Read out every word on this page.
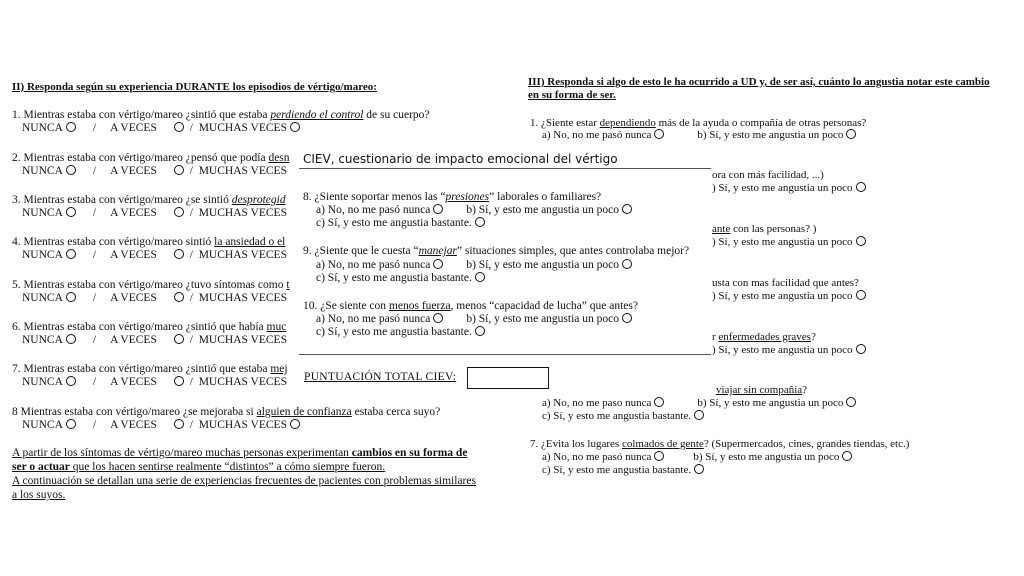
II) Responda según su experiencia DURANTE los episodios de vértigo/mareo:
1. Mientras estaba con vértigo/mareo ¿sintió que estaba perdiendo el control de su cuerpo?
NUNCA	/ A VECES	/ MUCHAS VECES
2. Mientras estaba con vértigo/mareo ¿pensó que podía desn
NUNCA	/ A VECES	/ MUCHAS VECES
3. Mientras estaba con vértigo/mareo ¿se sintió desprotegid
NUNCA	/ A VECES	/ MUCHAS VECES
4. Mientras estaba con vértigo/mareo sintió la ansiedad o el
NUNCA	/ A VECES	/ MUCHAS VECES
5. Mientras estaba con vértigo/mareo ¿tuvo síntomas como t
NUNCA	/ A VECES	/ MUCHAS VECES
6. Mientras estaba con vértigo/mareo ¿sintió que había muc
NUNCA	/ A VECES	/ MUCHAS VECES
7. Mientras estaba con vértigo/mareo ¿sintió que estaba mej
NUNCA	/ A VECES	/ MUCHAS VECES
8 Mientras estaba con vértigo/mareo ¿se mejoraba si alguien de confianza estaba cerca suyo?
NUNCA	/ A VECES	/ MUCHAS VECES
A partir de los síntomas de vértigo/mareo muchas personas experimentan cambios en su forma de
ser o actuar que los hacen sentirse realmente “distintos” a cómo siempre fueron.
A continuación se detallan una serie de experiencias frecuentes de pacientes con problemas similares
a los suyos.
III) Responda si algo de esto le ha ocurrido a UD y, de ser así, cuánto lo angustia notar este cambio
en su forma de ser.
1. ¿Siente estar dependiendo más de la ayuda o compañía de otras personas?
a) No, no me pasó nunca	b) Sí, y esto me angustia un poco
ora con más facilidad, ...)
) Sí, y esto me angustia un poco
ante con las personas? )
) Sí, y esto me angustia un poco
usta con mas facilidad que antes?
) Sí, y esto me angustia un poco
r enfermedades graves?
) Sí, y esto me angustia un poco
viajar sin compañía?
a) No, no me paso nunca	b) Sí, y esto me angustia un poco
c) Sí, y esto me angustia bastante.
7. ¿Evita los lugares colmados de gente? (Supermercados, cines, grandes tiendas, etc.)
a) No, no me pasó nunca	b) Sí, y esto me angustia un poco
c) Sí, y esto me angustia bastante.
CIEV, cuestionario de impacto emocional del vértigo
8. ¿Siente soportar menos las “presiones” laborales o familiares?
a) No, no me pasó nunca	b) Sí, y esto me angustia un poco
c) Sí, y esto me angustia bastante.
9. ¿Siente que le cuesta “manejar” situaciones simples, que antes controlaba mejor?
a) No, no me pasó nunca	b) Sí, y esto me angustia un poco
c) Sí, y esto me angustia bastante.
10. ¿Se siente con menos fuerza, menos “capacidad de lucha” que antes?
a) No, no me pasó nunca	b) Sí, y esto me angustia un poco
c) Sí, y esto me angustia bastante.
PUNTUACIÓN TOTAL CIEV:
